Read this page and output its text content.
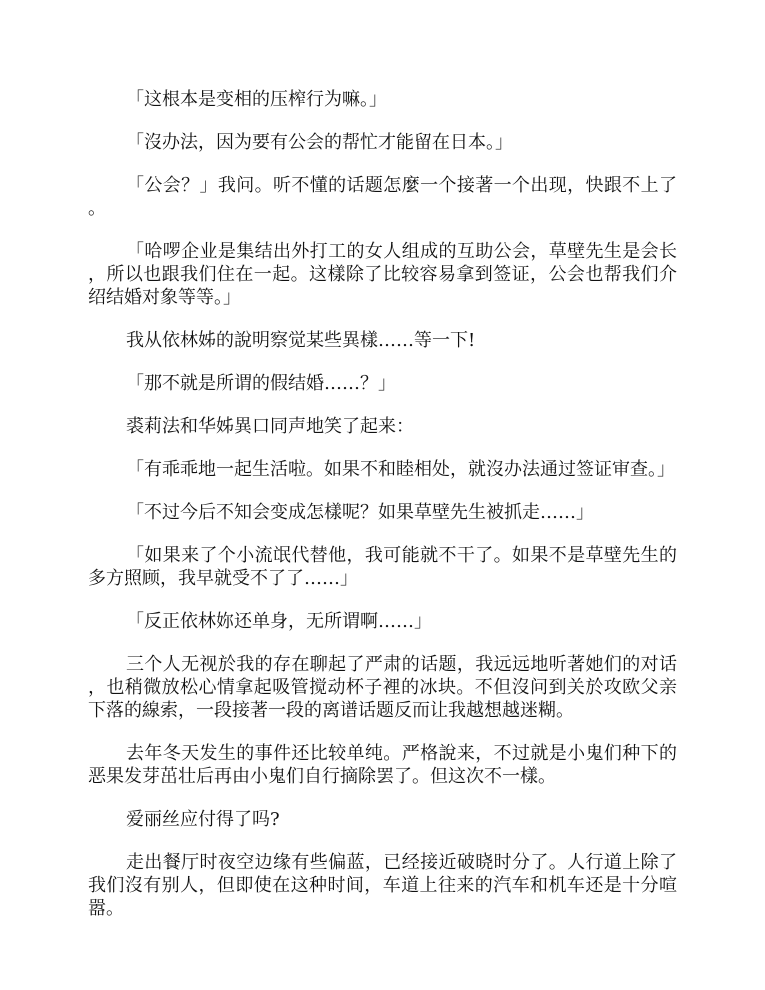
「这根本是变相的压榨行为嘛。」

「沒办法，因为要有公会的帮忙才能留在日本。」

「公会？」我问。听不懂的话题怎麼一个接著一个出现，快跟不上了。

「哈啰企业是集结出外打工的女人组成的互助公会，草壁先生是会长，所以也跟我们住在一起。这樣除了比较容易拿到签证，公会也帮我们介绍结婚对象等等。」

我从依林姊的說明察觉某些異樣……等一下!

「那不就是所谓的假结婚……？」

裘莉法和华姊異口同声地笑了起来：

「有乖乖地一起生活啦。如果不和睦相处，就沒办法通过签证审查。」

「不过今后不知会变成怎樣呢？如果草壁先生被抓走……」

「如果来了个小流氓代替他，我可能就不干了。如果不是草壁先生的多方照顾，我早就受不了了……」

「反正依林妳还单身，无所谓啊……」

三个人无视於我的存在聊起了严肃的话题，我远远地听著她们的对话，也稍微放松心情拿起吸管搅动杯子裡的冰块。不但沒问到关於攻欧父亲下落的線索，一段接著一段的离谱话题反而让我越想越迷糊。

去年冬天发生的事件还比较单纯。严格說来，不过就是小鬼们种下的恶果发芽茁壮后再由小鬼们自行摘除罢了。但这次不一樣。

爱丽丝应付得了吗?

走出餐厅时夜空边缘有些偏蓝，已经接近破晓时分了。人行道上除了我们沒有别人，但即使在这种时间，车道上往来的汽车和机车还是十分喧嚣。
